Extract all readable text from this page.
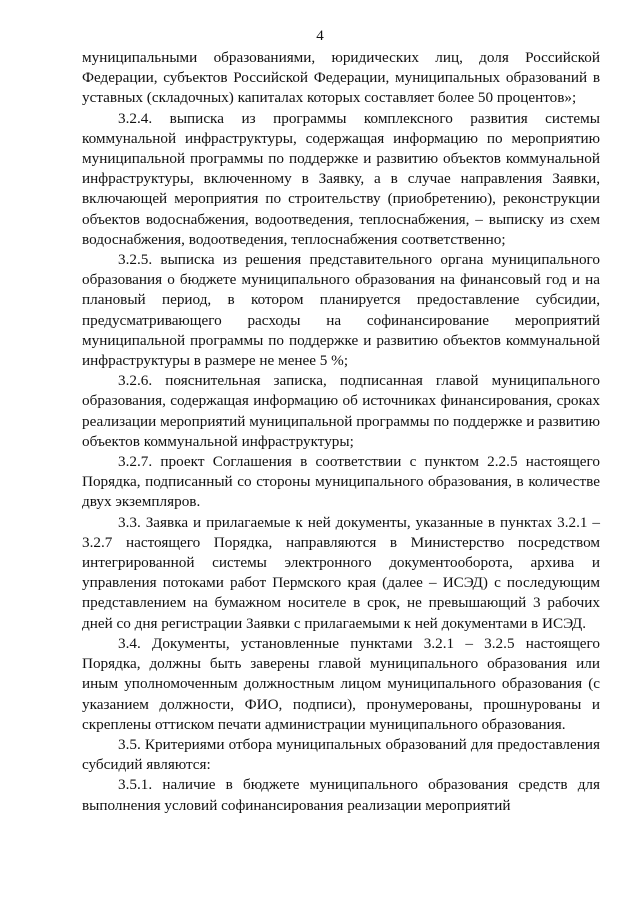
4

муниципальными образованиями, юридических лиц, доля Российской Федерации, субъектов Российской Федерации, муниципальных образований в уставных (складочных) капиталах которых составляет более 50 процентов»;

3.2.4. выписка из программы комплексного развития системы коммунальной инфраструктуры, содержащая информацию по мероприятию муниципальной программы по поддержке и развитию объектов коммунальной инфраструктуры, включенному в Заявку, а в случае направления Заявки, включающей мероприятия по строительству (приобретению), реконструкции объектов водоснабжения, водоотведения, теплоснабжения, – выписку из схем водоснабжения, водоотведения, теплоснабжения соответственно;

3.2.5. выписка из решения представительного органа муниципального образования о бюджете муниципального образования на финансовый год и на плановый период, в котором планируется предоставление субсидии, предусматривающего расходы на софинансирование мероприятий муниципальной программы по поддержке и развитию объектов коммунальной инфраструктуры в размере не менее 5 %;

3.2.6. пояснительная записка, подписанная главой муниципального образования, содержащая информацию об источниках финансирования, сроках реализации мероприятий муниципальной программы по поддержке и развитию объектов коммунальной инфраструктуры;

3.2.7. проект Соглашения в соответствии с пунктом 2.2.5 настоящего Порядка, подписанный со стороны муниципального образования, в количестве двух экземпляров.

3.3. Заявка и прилагаемые к ней документы, указанные в пунктах 3.2.1 – 3.2.7 настоящего Порядка, направляются в Министерство посредством интегрированной системы электронного документооборота, архива и управления потоками работ Пермского края (далее – ИСЭД) с последующим представлением на бумажном носителе в срок, не превышающий 3 рабочих дней со дня регистрации Заявки с прилагаемыми к ней документами в ИСЭД.

3.4. Документы, установленные пунктами 3.2.1 – 3.2.5 настоящего Порядка, должны быть заверены главой муниципального образования или иным уполномоченным должностным лицом муниципального образования (с указанием должности, ФИО, подписи), пронумерованы, прошнурованы и скреплены оттиском печати администрации муниципального образования.

3.5. Критериями отбора муниципальных образований для предоставления субсидий являются:

3.5.1. наличие в бюджете муниципального образования средств для выполнения условий софинансирования реализации мероприятий
